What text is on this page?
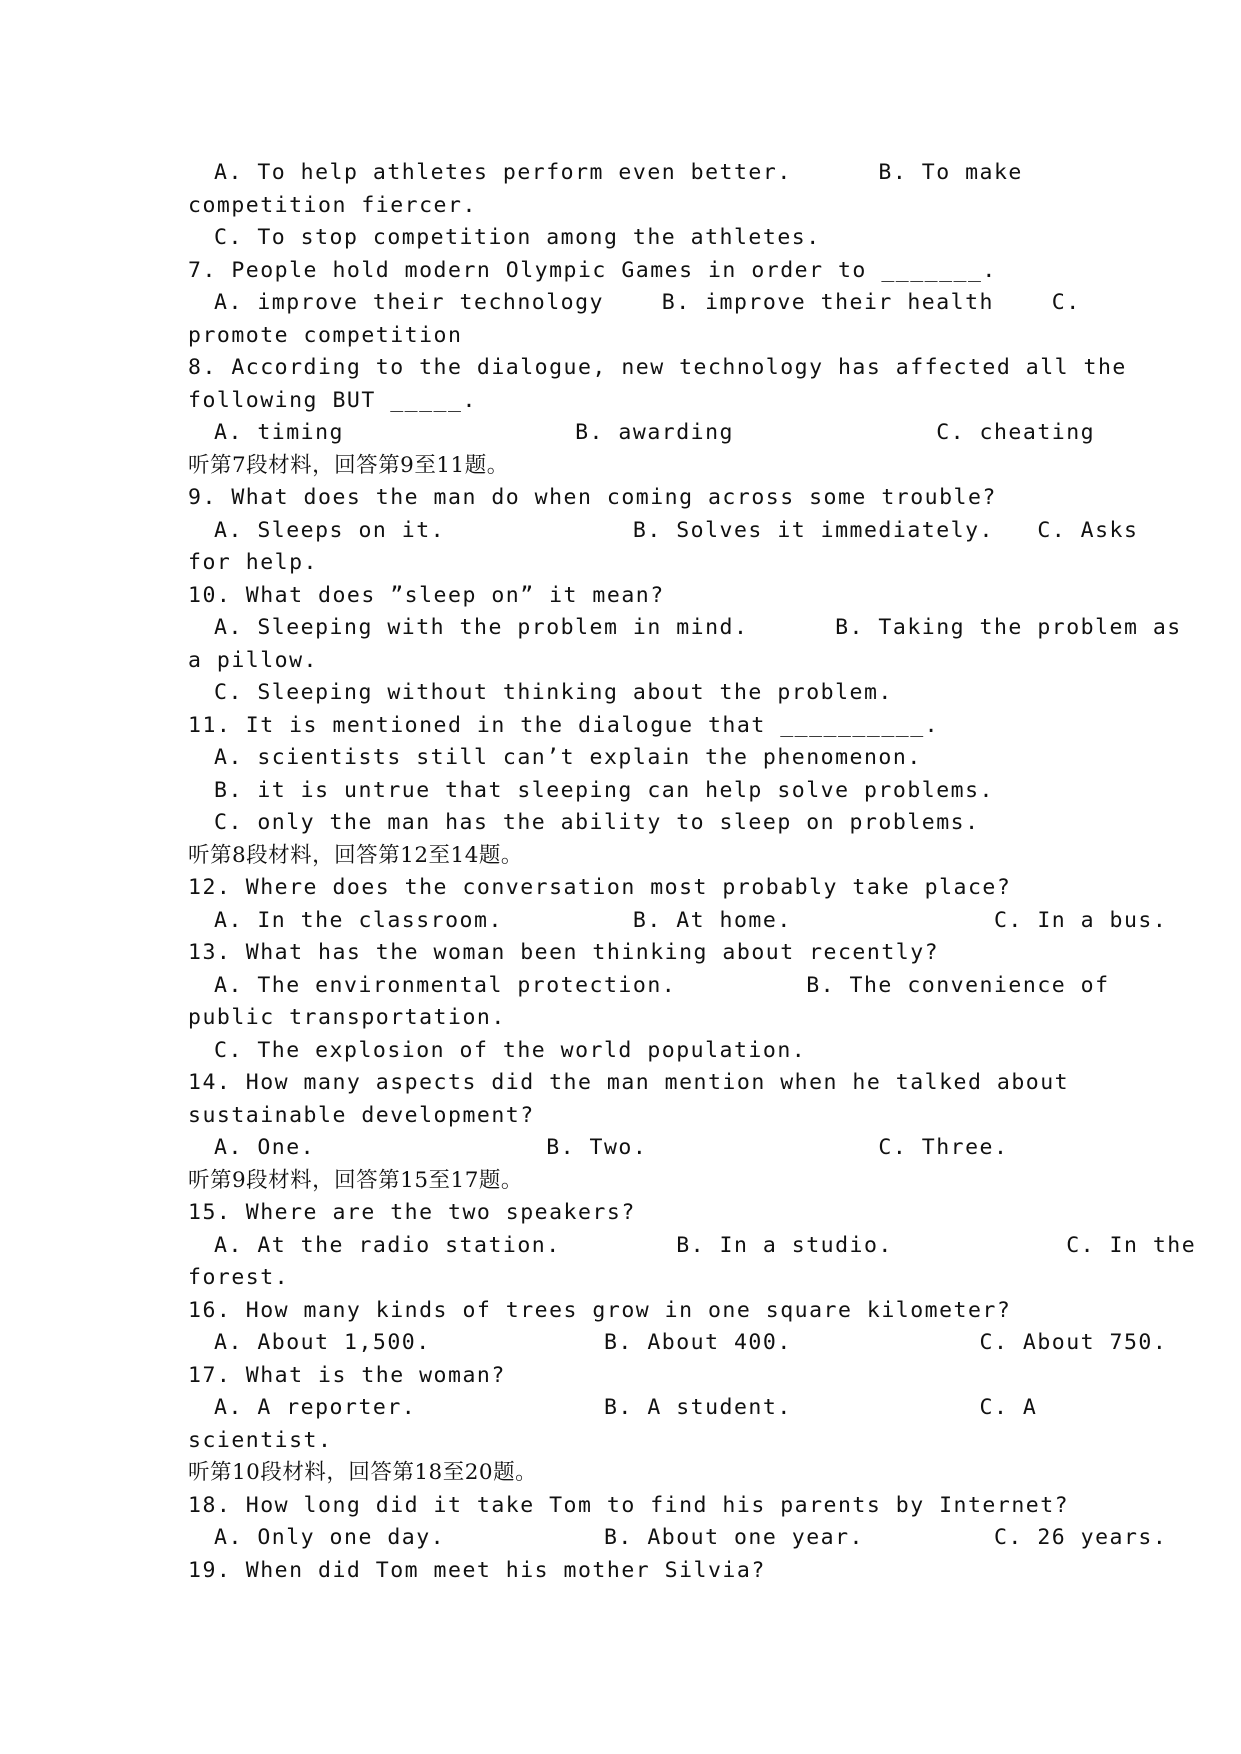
A. To help athletes perform even better.      B. To make
competition fiercer.
C. To stop competition among the athletes.
7. People hold modern Olympic Games in order to _______.
A. improve their technology    B. improve their health    C.
promote competition
8. According to the dialogue, new technology has affected all the
following BUT _____.
A. timing                B. awarding              C. cheating
听第7段材料，回答第9至11题。
9. What does the man do when coming across some trouble?
A. Sleeps on it.             B. Solves it immediately.   C. Asks
for help.
10. What does ”sleep on” it mean?
A. Sleeping with the problem in mind.      B. Taking the problem as
a pillow.
C. Sleeping without thinking about the problem.
11. It is mentioned in the dialogue that __________.
A. scientists still can’t explain the phenomenon.
B. it is untrue that sleeping can help solve problems.
C. only the man has the ability to sleep on problems.
听第8段材料，回答第12至14题。
12. Where does the conversation most probably take place?
A. In the classroom.         B. At home.              C. In a bus.
13. What has the woman been thinking about recently?
A. The environmental protection.         B. The convenience of
public transportation.
C. The explosion of the world population.
14. How many aspects did the man mention when he talked about
sustainable development?
A. One.                B. Two.                C. Three.
听第9段材料，回答第15至17题。
15. Where are the two speakers?
A. At the radio station.        B. In a studio.            C. In the
forest.
16. How many kinds of trees grow in one square kilometer?
A. About 1,500.            B. About 400.             C. About 750.
17. What is the woman?
A. A reporter.             B. A student.             C. A
scientist.
听第10段材料，回答第18至20题。
18. How long did it take Tom to find his parents by Internet?
A. Only one day.           B. About one year.         C. 26 years.
19. When did Tom meet his mother Silvia?
